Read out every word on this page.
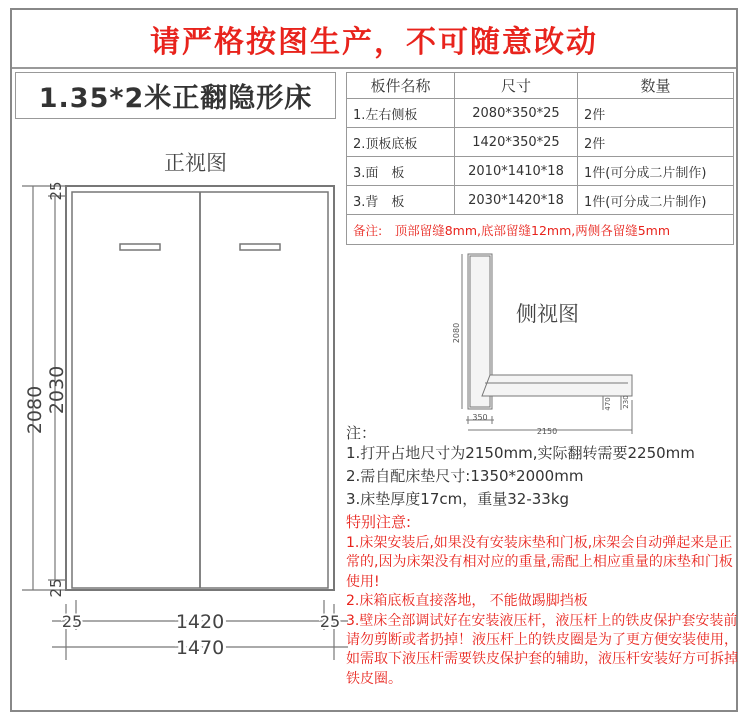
请严格按图生产，不可随意改动
1.35*2米正翻隐形床	板件名称	尺寸	数量
1.左右侧板	2080*350*25	2件
2.顶板底板	1420*350*25	2件
3.面　板	2010*1410*18	1件(可分成二片制作)
3.背　板	2030*1420*18	1件(可分成二片制作)
备注:　顶部留缝8mm,底部留缝12mm,两侧各留缝5mm		
正视图
2080 2030
25
25
1420
1470
25	25
2080
350
2150
470 230
侧视图
注：
1.打开占地尺寸为2150mm,实际翻转需要2250mm
2.需自配床垫尺寸:1350*2000mm
3.床垫厚度17cm，重量32-33kg
特别注意:

1.床架安装后,如果没有安装床垫和门板,床架会自动弹起来是正常的,因为床架没有相对应的重量,需配上相应重量的床垫和门板使用!

2.床箱底板直接落地， 不能做踢脚挡板

3.壁床全部调试好在安装液压杆，液压杆上的铁皮保护套安装前请勿剪断或者扔掉！液压杆上的铁皮圈是为了更方便安装使用，如需取下液压杆需要铁皮保护套的辅助，液压杆安装好方可拆掉铁皮圈。
